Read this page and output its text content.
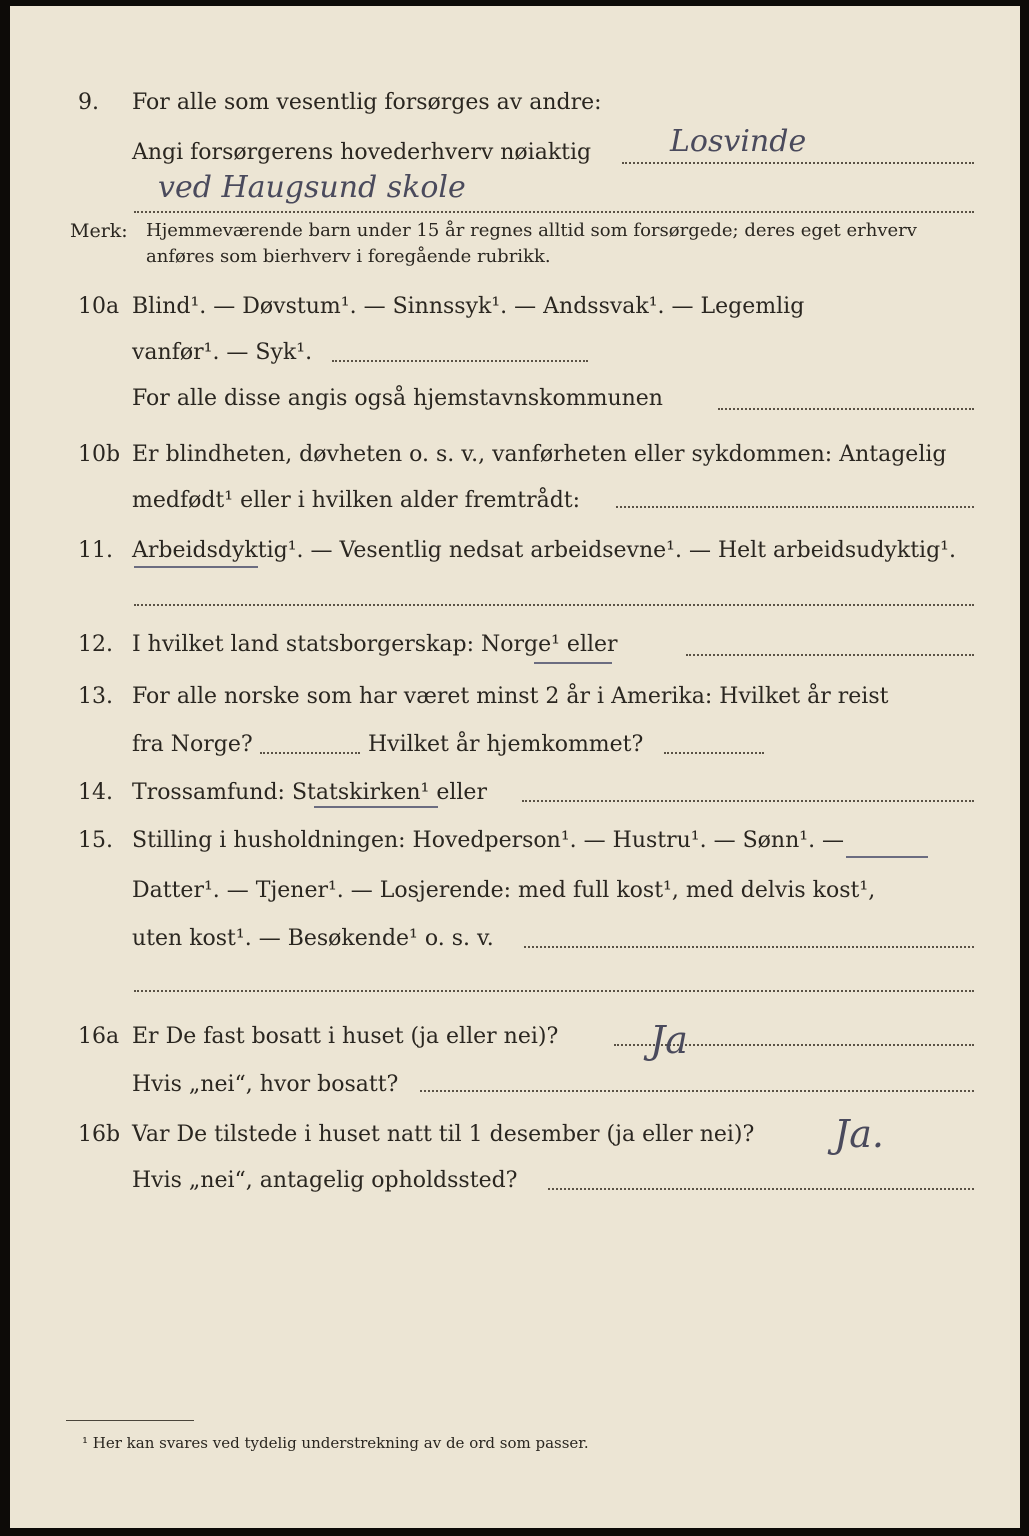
9. For alle som vesentlig forsørges av andre:
Angi forsørgerens hovederhverv nøiaktig	Losvinde
ved Haugsund skole
Merk: Hjemmeværende barn under 15 år regnes alltid som forsørgede; deres eget erhverv
anføres som bierhverv i foregående rubrikk.
10a Blind¹. — Døvstum¹. — Sinnssyk¹. — Andssvak¹. — Legemlig
vanfør¹. — Syk¹.
For alle disse angis også hjemstavnskommunen
10b Er blindheten, døvheten o. s. v., vanførheten eller sykdommen: Antagelig
medfødt¹ eller i hvilken alder fremtrådt:
11. Arbeidsdyktig¹. — Vesentlig nedsat arbeidsevne¹. — Helt arbeidsudyktig¹.
12. I hvilket land statsborgerskap: Norge¹ eller
13. For alle norske som har været minst 2 år i Amerika: Hvilket år reist
fra Norge?	Hvilket år hjemkommet?
14. Trossamfund: Statskirken¹ eller
15. Stilling i husholdningen: Hovedperson¹. — Hustru¹. — Sønn¹. —
Datter¹. — Tjener¹. — Losjerende: med full kost¹, med delvis kost¹,
uten kost¹. — Besøkende¹ o. s. v.
16a Er De fast bosatt i huset (ja eller nei)? Ja
Hvis „nei“, hvor bosatt?
16b Var De tilstede i huset natt til 1 desember (ja eller nei)? Ja.
Hvis „nei“, antagelig opholdssted?
¹ Her kan svares ved tydelig understrekning av de ord som passer.
